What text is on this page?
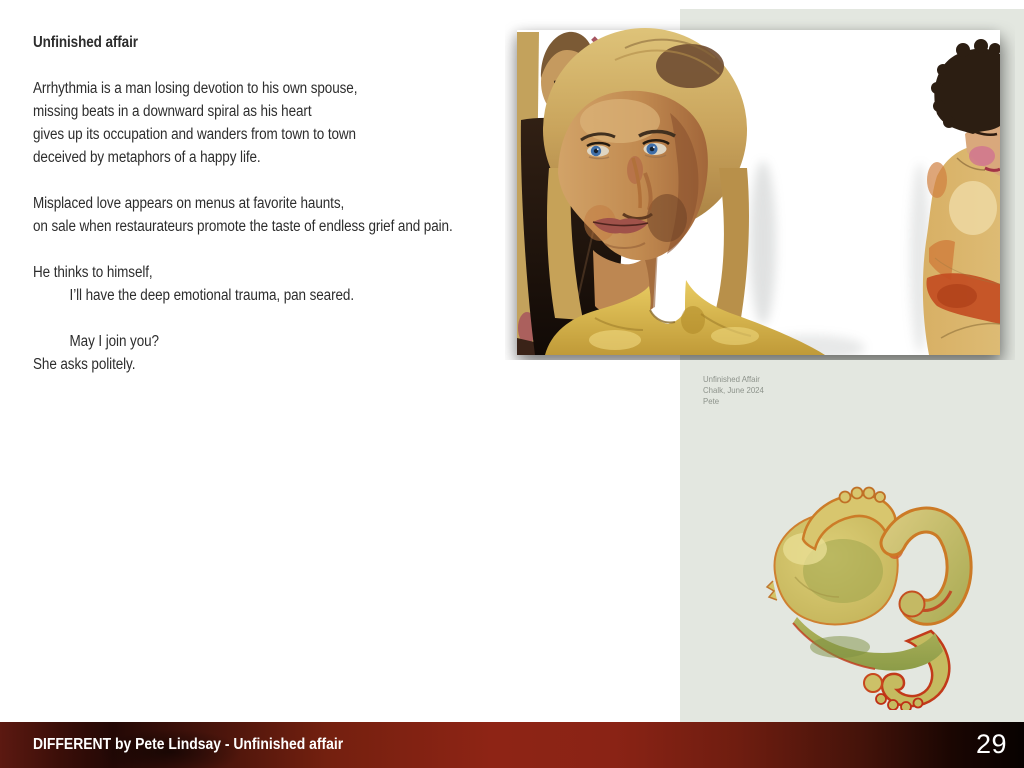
Unfinished affair
Arrhythmia is a man losing devotion to his own spouse,
missing beats in a downward spiral as his heart
gives up its occupation and wanders from town to town
deceived by metaphors of a happy life.
Misplaced love appears on menus at favorite haunts,
on sale when restaurateurs promote the taste of endless grief and pain.
He thinks to himself,
I’ll have the deep emotional trauma, pan seared.
May I join you?
She asks politely.
Unfinished Affair
Chalk, June 2024
Pete
DIFFERENT by Pete Lindsay - Unfinished affair	29
